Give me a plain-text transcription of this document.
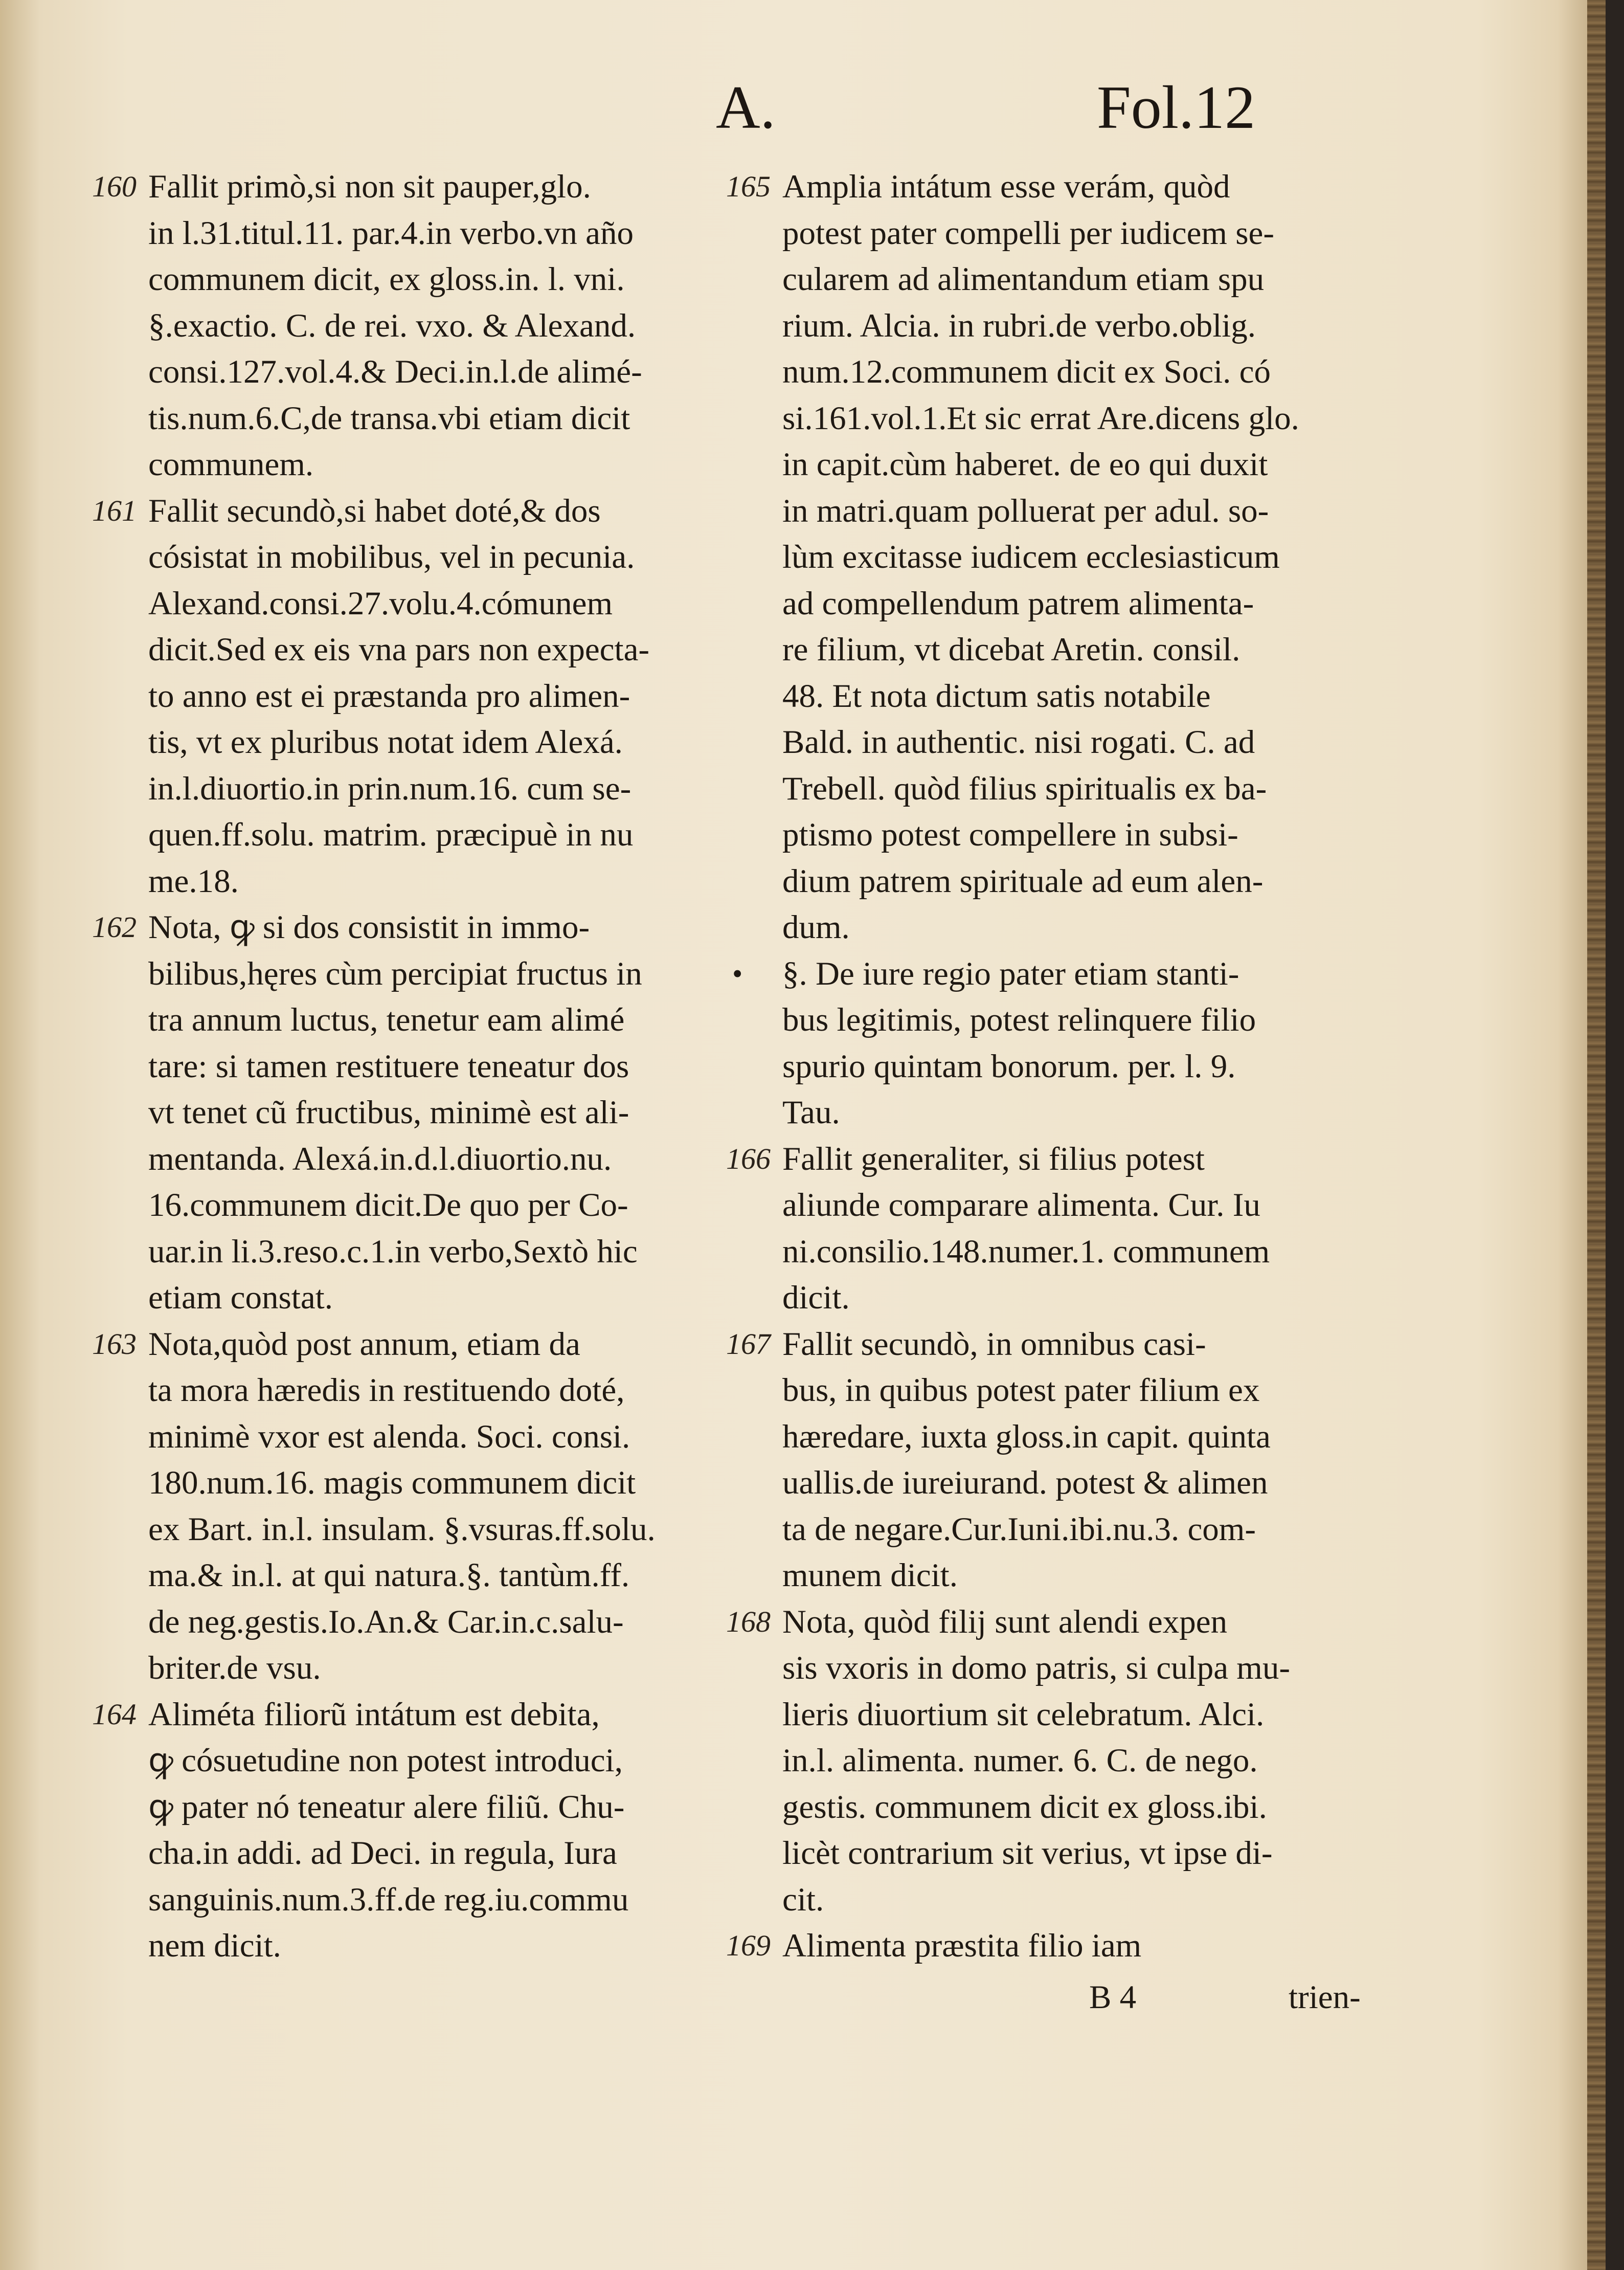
A.	Fol.12
160 Fallit primò,si non sit pauper,glo.
in l.31.titul.11. par.4.in verbo.vn año
communem dicit, ex gloss.in. l. vni.
§.exactio. C. de rei. vxo. & Alexand.
consi.127.vol.4.& Deci.in.l.de alimé-
tis.num.6.C,de transa.vbi etiam dicit
communem.
161 Fallit secundò,si habet doté,& dos
cósistat in mobilibus, vel in pecunia.
Alexand.consi.27.volu.4.cómunem
dicit.Sed ex eis vna pars non expecta-
to anno est ei præstanda pro alimen-
tis, vt ex pluribus notat idem Alexá.
in.l.diuortio.in prin.num.16. cum se-
quen.ff.solu. matrim. præcipuè in nu
me.18.
162 Nota, ꝙ si dos consistit in immo-
bilibus,hęres cùm percipiat fructus in
tra annum luctus, tenetur eam alimé
tare: si tamen restituere teneatur dos
vt tenet cũ fructibus, minimè est ali-
mentanda. Alexá.in.d.l.diuortio.nu.
16.communem dicit.De quo per Co-
uar.in li.3.reso.c.1.in verbo,Sextò hic
etiam constat.
163 Nota,quòd post annum, etiam da
ta mora hæredis in restituendo doté,
minimè vxor est alenda. Soci. consi.
180.num.16. magis communem dicit
ex Bart. in.l. insulam. §.vsuras.ff.solu.
ma.& in.l. at qui natura.§. tantùm.ff.
de neg.gestis.Io.An.& Car.in.c.salu-
briter.de vsu.
164 Aliméta filiorũ intátum est debita,
ꝙ cósuetudine non potest introduci,
ꝙ pater nó teneatur alere filiũ. Chu-
cha.in addi. ad Deci. in regula, Iura
sanguinis.num.3.ff.de reg.iu.commu
nem dicit.
165 Amplia intátum esse verám, quòd
potest pater compelli per iudicem se-
cularem ad alimentandum etiam spu
rium. Alcia. in rubri.de verbo.oblig.
num.12.communem dicit ex Soci. có
si.161.vol.1.Et sic errat Are.dicens glo.
in capit.cùm haberet. de eo qui duxit
in matri.quam polluerat per adul. so-
lùm excitasse iudicem ecclesiasticum
ad compellendum patrem alimenta-
re filium, vt dicebat Aretin. consil.
48. Et nota dictum satis notabile
Bald. in authentic. nisi rogati. C. ad
Trebell. quòd filius spiritualis ex ba-
ptismo potest compellere in subsi-
dium patrem spirituale ad eum alen-
dum.
•	§. De iure regio pater etiam stanti-
bus legitimis, potest relinquere filio
spurio quintam bonorum. per. l. 9.
Tau.
166 Fallit generaliter, si filius potest
aliunde comparare alimenta. Cur. Iu
ni.consilio.148.numer.1. communem
dicit.
167 Fallit secundò, in omnibus casi-
bus, in quibus potest pater filium ex
hæredare, iuxta gloss.in capit. quinta
uallis.de iureiurand. potest & alimen
ta de negare.Cur.Iuni.ibi.nu.3. com-
munem dicit.
168 Nota, quòd filij sunt alendi expen
sis vxoris in domo patris, si culpa mu-
lieris diuortium sit celebratum. Alci.
in.l. alimenta. numer. 6. C. de nego.
gestis. communem dicit ex gloss.ibi.
licèt contrarium sit verius, vt ipse di-
cit.
169 Alimenta præstita filio iam
B 4	trien-
